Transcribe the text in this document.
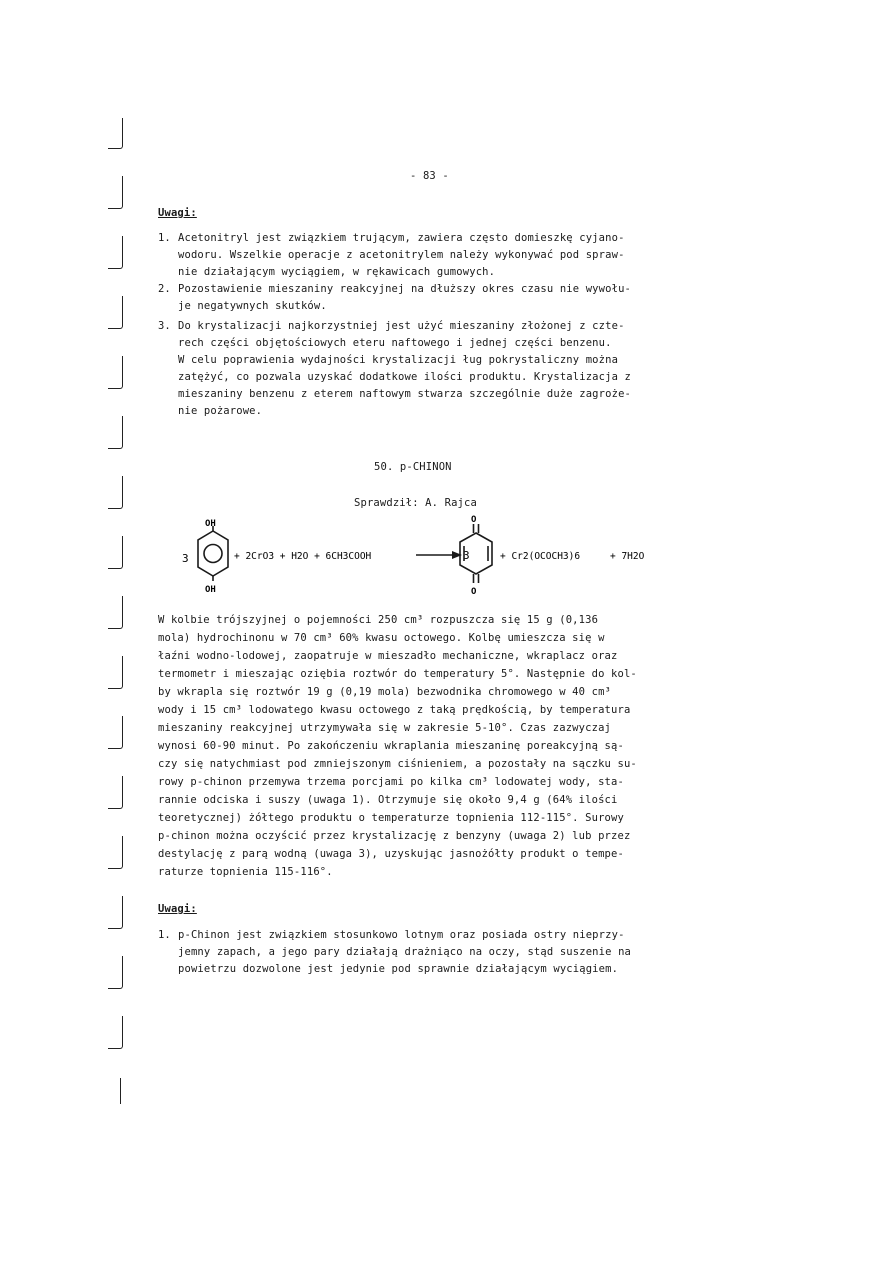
- 83 -
Uwagi:
1. Acetonitryl jest związkiem trującym, zawiera często domieszkę cyjano-
wodoru. Wszelkie operacje z acetonitrylem należy wykonywać pod spraw-
nie działającym wyciągiem, w rękawicach gumowych.
2. Pozostawienie mieszaniny reakcyjnej na dłuższy okres czasu nie wywołu-
je negatywnych skutków.
3. Do krystalizacji najkorzystniej jest użyć mieszaniny złożonej z czte-
rech części objętościowych eteru naftowego i jednej części benzenu.
W celu poprawienia wydajności krystalizacji ług pokrystaliczny można
zatężyć, co pozwala uzyskać dodatkowe ilości produktu. Krystalizacja z
mieszaniny benzenu z eterem naftowym stwarza szczególnie duże zagroże-
nie pożarowe.
50. p-CHINON
Sprawdził: A. Rajca
3
OH
OH
+ 2CrO3 + H2O + 6CH3COOH	3
O
O
+ Cr2(OCOCH3)6	+ 7H2O
W kolbie trójszyjnej o pojemności 250 cm³ rozpuszcza się 15 g (0,136
mola) hydrochinonu w 70 cm³ 60% kwasu octowego. Kolbę umieszcza się w
łaźni wodno-lodowej, zaopatruje w mieszadło mechaniczne, wkraplacz oraz
termometr i mieszając oziębia roztwór do temperatury 5°. Następnie do kol-
by wkrapla się roztwór 19 g (0,19 mola) bezwodnika chromowego w 40 cm³
wody i 15 cm³ lodowatego kwasu octowego z taką prędkością, by temperatura
mieszaniny reakcyjnej utrzymywała się w zakresie 5-10°. Czas zazwyczaj
wynosi 60-90 minut. Po zakończeniu wkraplania mieszaninę poreakcyjną są-
czy się natychmiast pod zmniejszonym ciśnieniem, a pozostały na sączku su-
rowy p-chinon przemywa trzema porcjami po kilka cm³ lodowatej wody, sta-
rannie odciska i suszy (uwaga 1). Otrzymuje się około 9,4 g (64% ilości
teoretycznej) żółtego produktu o temperaturze topnienia 112-115°. Surowy
p-chinon można oczyścić przez krystalizację z benzyny (uwaga 2) lub przez
destylację z parą wodną (uwaga 3), uzyskując jasnożółty produkt o tempe-
raturze topnienia 115-116°.
Uwagi:
1. p-Chinon jest związkiem stosunkowo lotnym oraz posiada ostry nieprzy-
jemny zapach, a jego pary działają drażniąco na oczy, stąd suszenie na
powietrzu dozwolone jest jedynie pod sprawnie działającym wyciągiem.
